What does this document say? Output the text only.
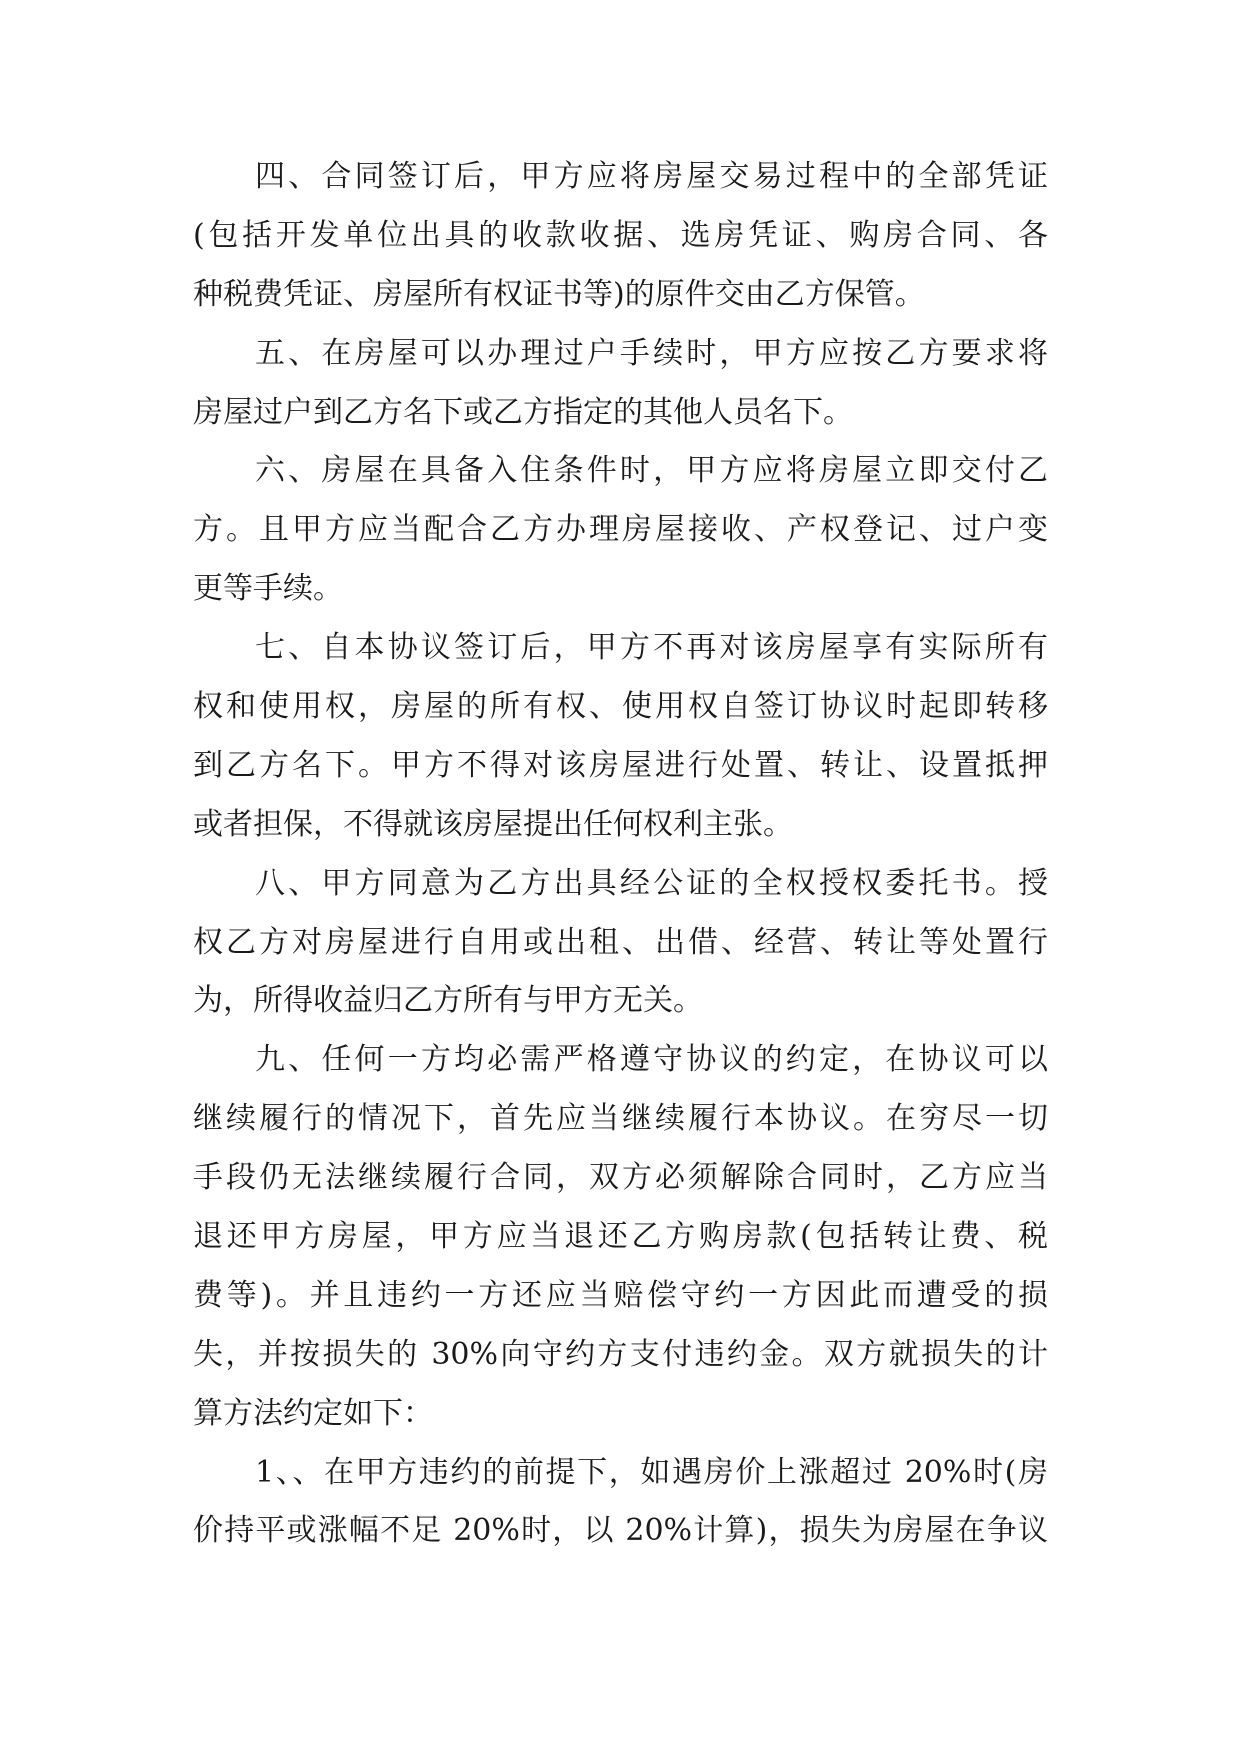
四、合同签订后，甲方应将房屋交易过程中的全部凭证
(包括开发单位出具的收款收据、选房凭证、购房合同、各
种税费凭证、房屋所有权证书等)的原件交由乙方保管。
五、在房屋可以办理过户手续时，甲方应按乙方要求将
房屋过户到乙方名下或乙方指定的其他人员名下。
六、房屋在具备入住条件时，甲方应将房屋立即交付乙
方。且甲方应当配合乙方办理房屋接收、产权登记、过户变
更等手续。
七、自本协议签订后，甲方不再对该房屋享有实际所有
权和使用权，房屋的所有权、使用权自签订协议时起即转移
到乙方名下。甲方不得对该房屋进行处置、转让、设置抵押
或者担保，不得就该房屋提出任何权利主张。
八、甲方同意为乙方出具经公证的全权授权委托书。授
权乙方对房屋进行自用或出租、出借、经营、转让等处置行
为，所得收益归乙方所有与甲方无关。
九、任何一方均必需严格遵守协议的约定，在协议可以
继续履行的情况下，首先应当继续履行本协议。在穷尽一切
手段仍无法继续履行合同，双方必须解除合同时，乙方应当
退还甲方房屋，甲方应当退还乙方购房款(包括转让费、税
费等)。并且违约一方还应当赔偿守约一方因此而遭受的损
失，并按损失的 30%向守约方支付违约金。双方就损失的计
算方法约定如下：
1、、在甲方违约的前提下，如遇房价上涨超过 20%时(房
价持平或涨幅不足 20%时，以 20%计算)，损失为房屋在争议
